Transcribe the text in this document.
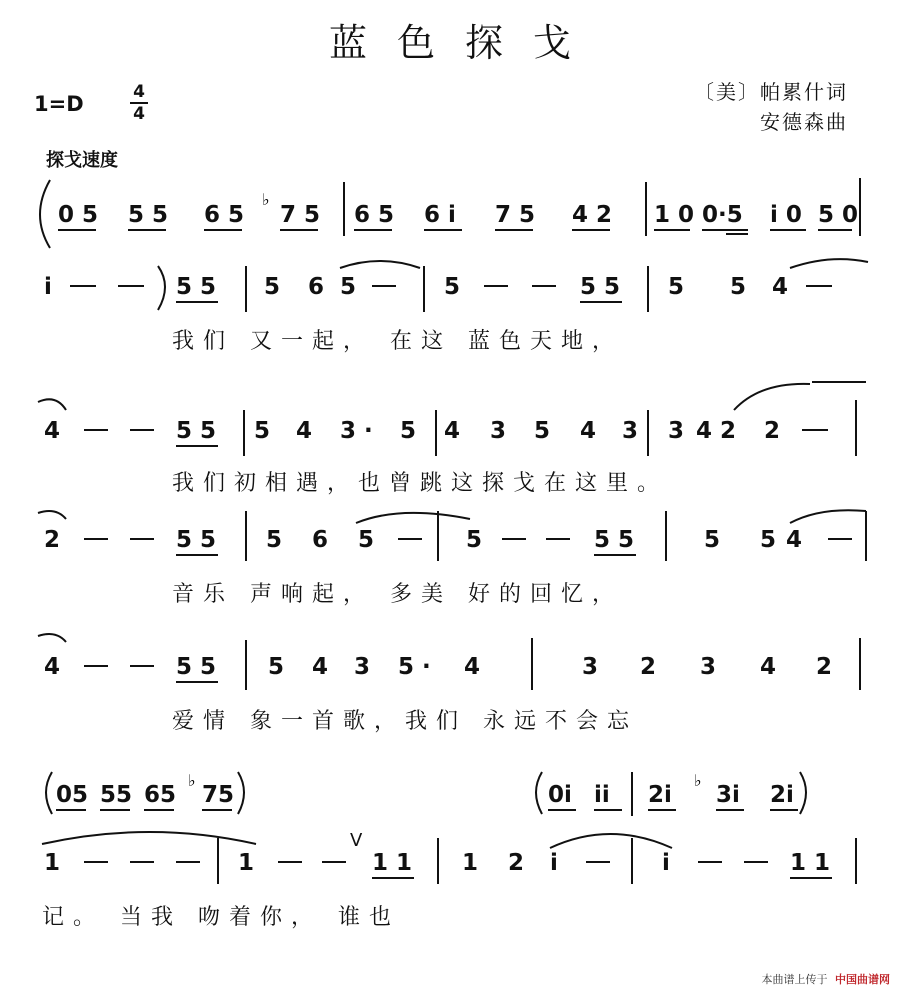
蓝色探戈
1=D	4
4
〔美〕帕累什词
安德森曲
探戈速度
0 5 5 5 6 5
♭
7 5 6 5 6 i 7 5 4 2 1 0 0·5 i 0 5 0
i	5 5 5 6 5	5	5 5 5 5 4
我们 又一起， 在这 蓝色天地，
4	5 5 5 4 3 · 5 4 3 5 4 3 3 4 2 2
我们初相遇，也曾跳这探戈在这里。
2	5 5 5 6 5	5	5 5	5 5 4
音乐 声响起， 多美 好的回忆，
4	5 5 5 4 3 5 · 4	3 2 3 4 2
爱情 象一首歌，我们 永远不会忘
05 55 65
♭
75	0i ii 2i
♭
3i 2i
1	1
V
1 1 1 2 i	i	1 1
记。 当我 吻着你， 谁也
本曲谱上传于 中国曲谱网
